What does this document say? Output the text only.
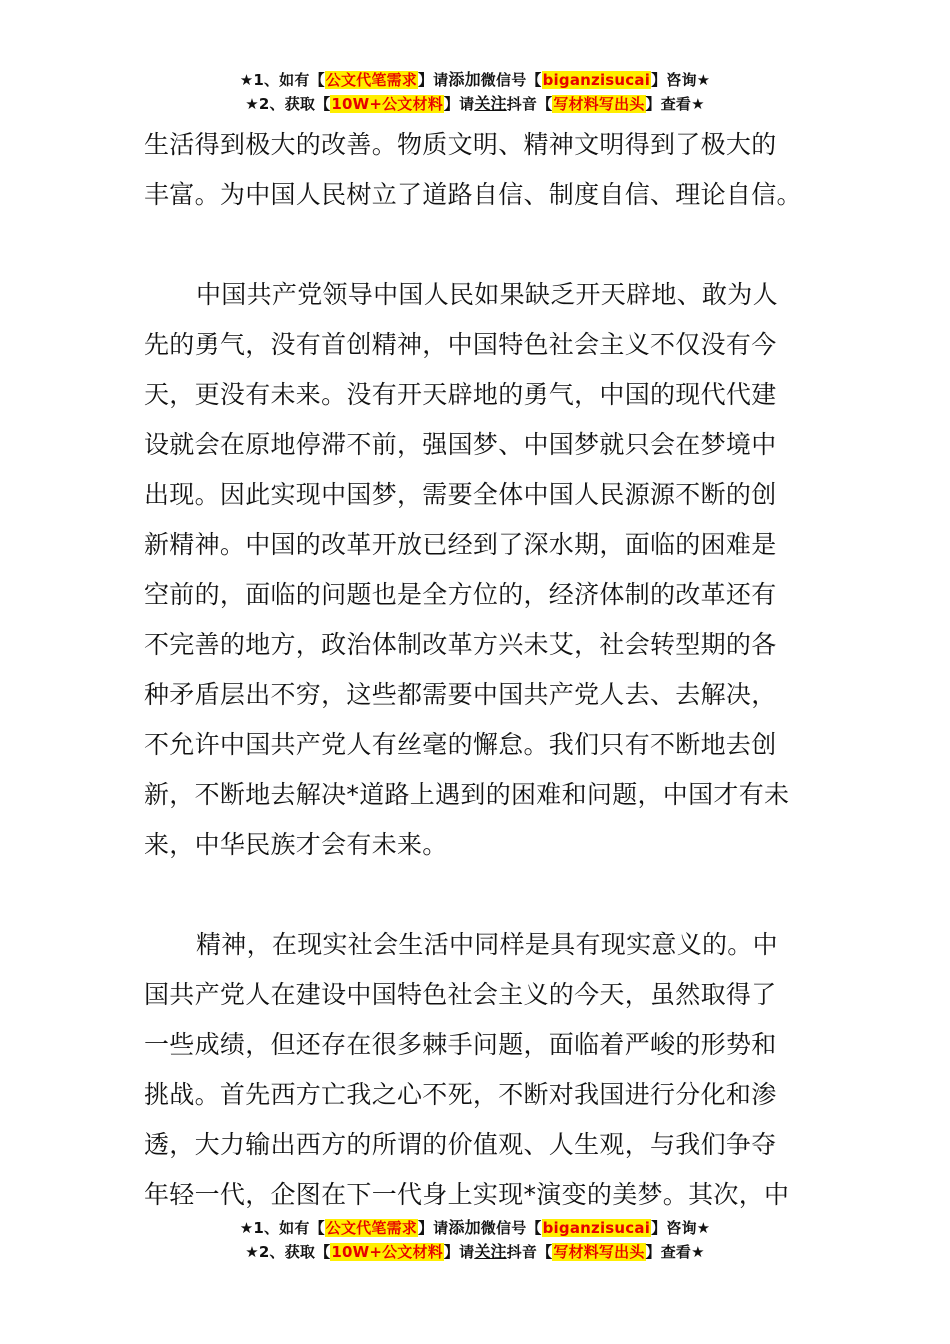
★1、如有【公文代笔需求】请添加微信号【biganzisucai】咨询★
★2、获取【10W+公文材料】请关注抖音【写材料写出头】查看★
生活得到极大的改善。物质文明、精神文明得到了极大的
丰富。为中国人民树立了道路自信、制度自信、理论自信。
中国共产党领导中国人民如果缺乏开天辟地、敢为人
先的勇气，没有首创精神，中国特色社会主义不仅没有今
天，更没有未来。没有开天辟地的勇气，中国的现代代建
设就会在原地停滞不前，强国梦、中国梦就只会在梦境中
出现。因此实现中国梦，需要全体中国人民源源不断的创
新精神。中国的改革开放已经到了深水期，面临的困难是
空前的，面临的问题也是全方位的，经济体制的改革还有
不完善的地方，政治体制改革方兴未艾，社会转型期的各
种矛盾层出不穷，这些都需要中国共产党人去、去解决，
不允许中国共产党人有丝毫的懈怠。我们只有不断地去创
新，不断地去解决*道路上遇到的困难和问题，中国才有未
来，中华民族才会有未来。
精神，在现实社会生活中同样是具有现实意义的。中
国共产党人在建设中国特色社会主义的今天，虽然取得了
一些成绩，但还存在很多棘手问题，面临着严峻的形势和
挑战。首先西方亡我之心不死，不断对我国进行分化和渗
透，大力输出西方的所谓的价值观、人生观，与我们争夺
年轻一代，企图在下一代身上实现*演变的美梦。其次，中
★1、如有【公文代笔需求】请添加微信号【biganzisucai】咨询★
★2、获取【10W+公文材料】请关注抖音【写材料写出头】查看★
